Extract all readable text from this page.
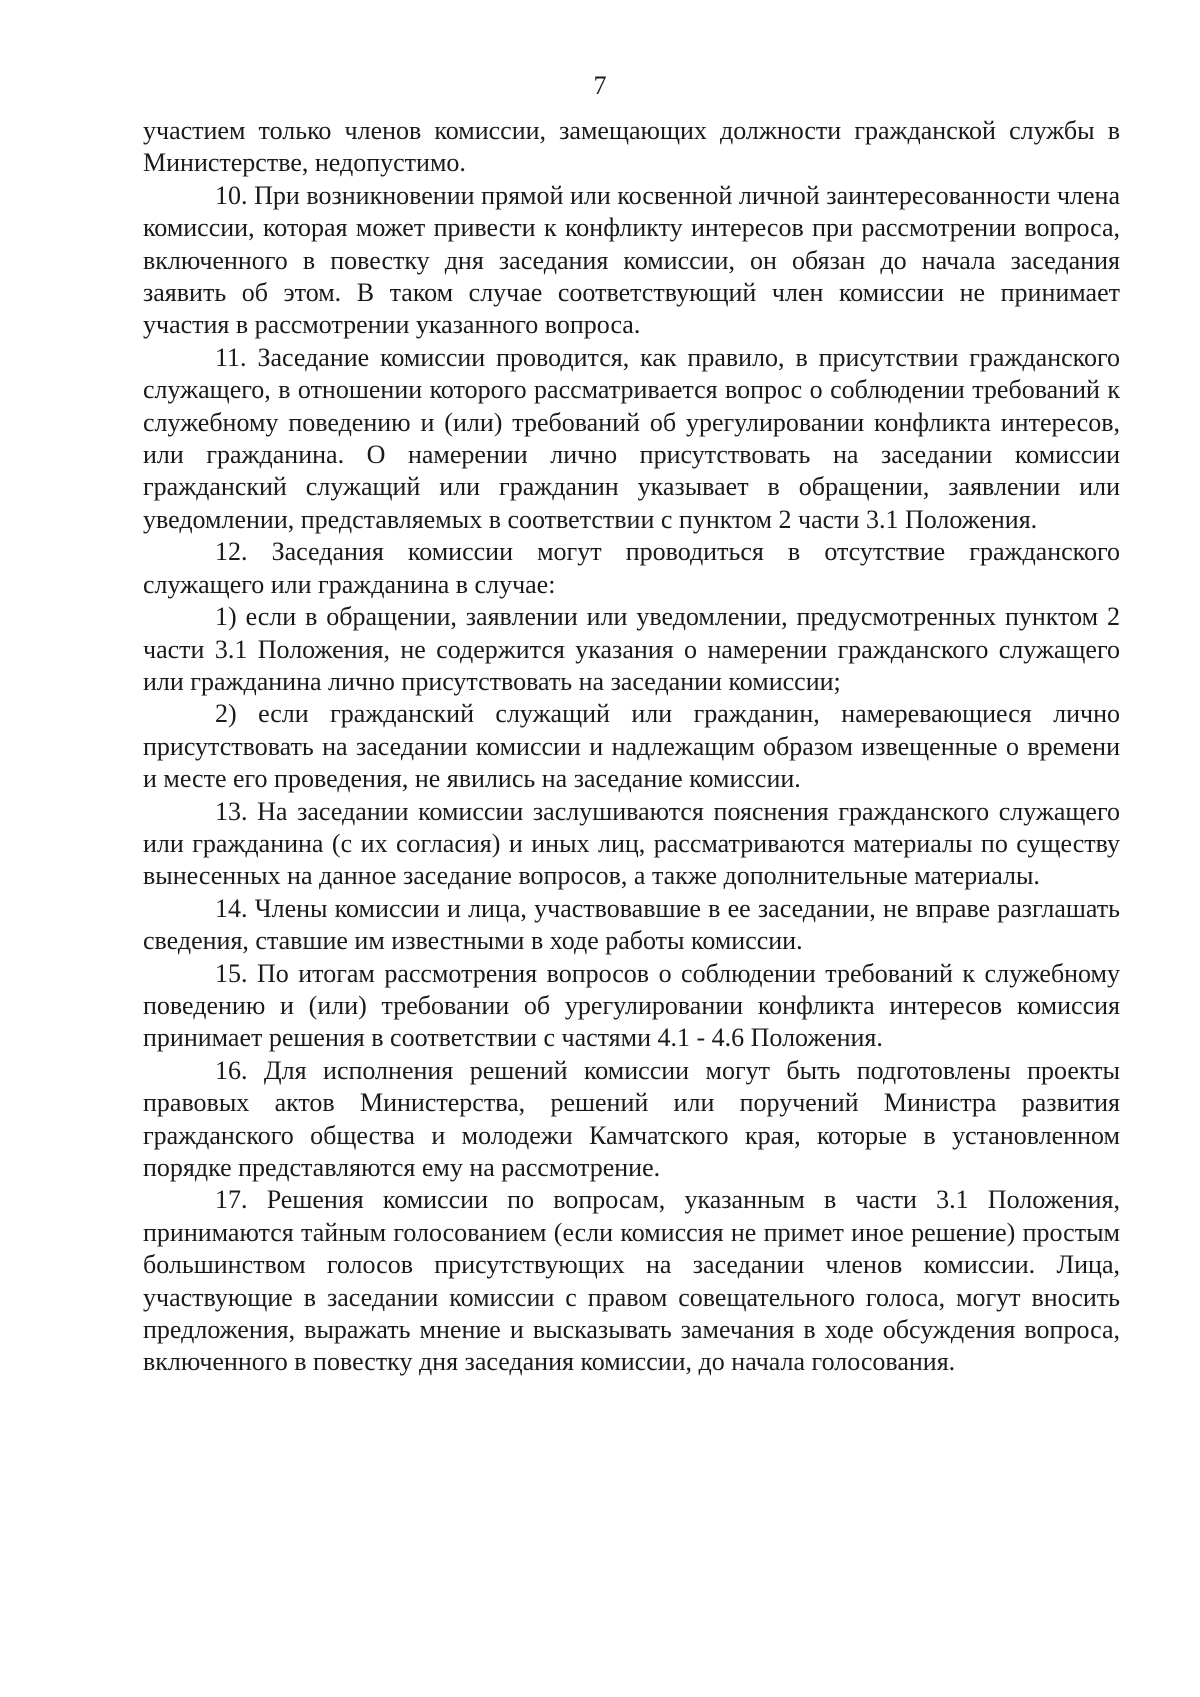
7

участием только членов комиссии, замещающих должности гражданской службы в Министерстве, недопустимо.

10. При возникновении прямой или косвенной личной заинтересованности члена комиссии, которая может привести к конфликту интересов при рассмотрении вопроса, включенного в повестку дня заседания комиссии, он обязан до начала заседания заявить об этом. В таком случае соответствующий член комиссии не принимает участия в рассмотрении указанного вопроса.

11. Заседание комиссии проводится, как правило, в присутствии гражданского служащего, в отношении которого рассматривается вопрос о соблюдении требований к служебному поведению и (или) требований об урегулировании конфликта интересов, или гражданина. О намерении лично присутствовать на заседании комиссии гражданский служащий или гражданин указывает в обращении, заявлении или уведомлении, представляемых в соответствии с пунктом 2 части 3.1 Положения.

12. Заседания комиссии могут проводиться в отсутствие гражданского служащего или гражданина в случае:

1) если в обращении, заявлении или уведомлении, предусмотренных пунктом 2 части 3.1 Положения, не содержится указания о намерении гражданского служащего или гражданина лично присутствовать на заседании комиссии;

2) если гражданский служащий или гражданин, намеревающиеся лично присутствовать на заседании комиссии и надлежащим образом извещенные о времени и месте его проведения, не явились на заседание комиссии.

13. На заседании комиссии заслушиваются пояснения гражданского служащего или гражданина (с их согласия) и иных лиц, рассматриваются материалы по существу вынесенных на данное заседание вопросов, а также дополнительные материалы.

14. Члены комиссии и лица, участвовавшие в ее заседании, не вправе разглашать сведения, ставшие им известными в ходе работы комиссии.

15. По итогам рассмотрения вопросов о соблюдении требований к служебному поведению и (или) требовании об урегулировании конфликта интересов комиссия принимает решения в соответствии с частями 4.1 - 4.6 Положения.

16. Для исполнения решений комиссии могут быть подготовлены проекты правовых актов Министерства, решений или поручений Министра развития гражданского общества и молодежи Камчатского края, которые в установленном порядке представляются ему на рассмотрение.

17. Решения комиссии по вопросам, указанным в части 3.1 Положения, принимаются тайным голосованием (если комиссия не примет иное решение) простым большинством голосов присутствующих на заседании членов комиссии. Лица, участвующие в заседании комиссии с правом совещательного голоса, могут вносить предложения, выражать мнение и высказывать замечания в ходе обсуждения вопроса, включенного в повестку дня заседания комиссии, до начала голосования.
